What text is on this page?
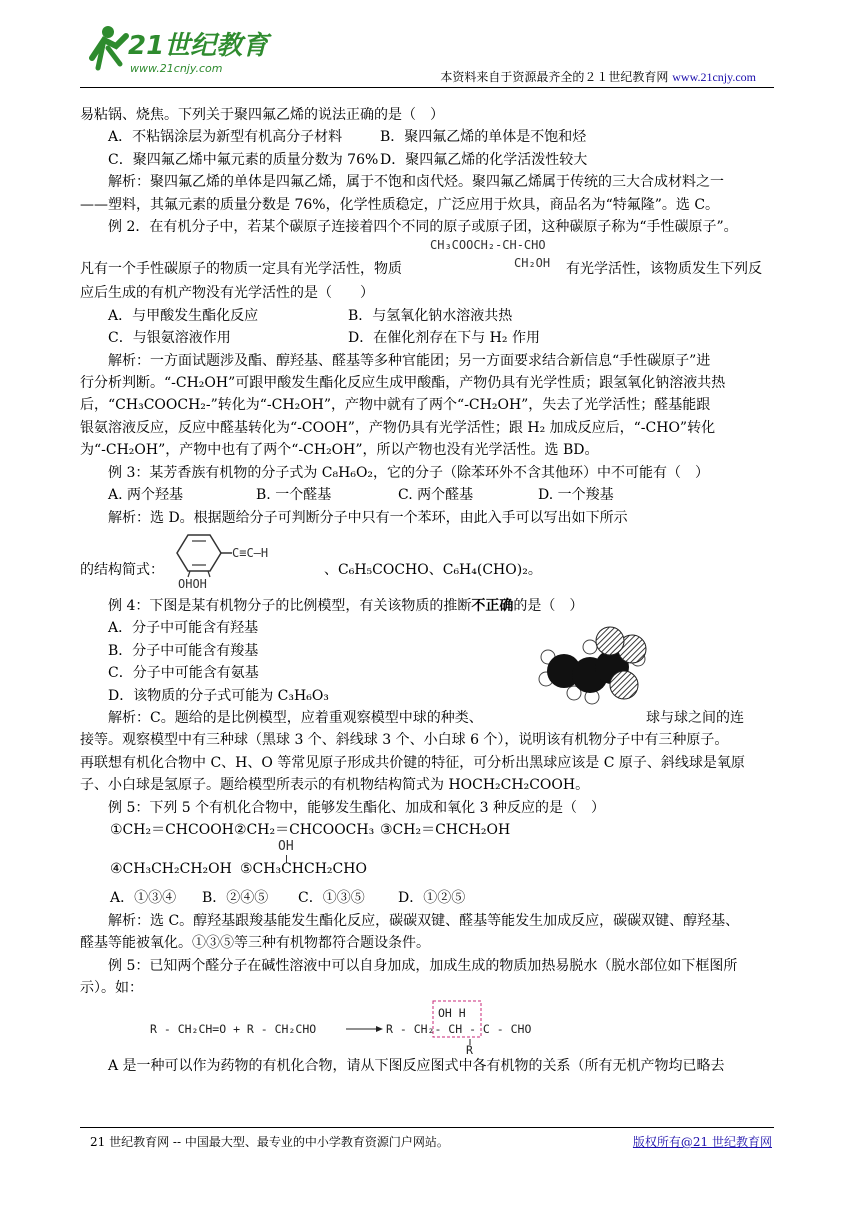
21世纪教育
www.21cnjy.com
本资料来自于资源最齐全的２１世纪教育网 www.21cnjy.com

易粘锅、烧焦。下列关于聚四氟乙烯的说法正确的是（　）

A．不粘锅涂层为新型有机高分子材料	B．聚四氟乙烯的单体是不饱和烃
C．聚四氟乙烯中氟元素的质量分数为 76% D．聚四氟乙烯的化学活泼性较大

解析：聚四氟乙烯的单体是四氟乙烯，属于不饱和卤代烃。聚四氟乙烯属于传统的三大合成材料之一

——塑料，其氟元素的质量分数是 76%，化学性质稳定，广泛应用于炊具，商品名为“特氟隆”。选 C。

例 2．在有机分子中，若某个碳原子连接着四个不同的原子或原子团，这种碳原子称为“手性碳原子”。

CH₃COOCH₂-CH-CHO
CH₂OH

凡有一个手性碳原子的物质一定具有光学活性，物质	有光学活性，该物质发生下列反

应后生成的有机产物没有光学活性的是（　　）

A．与甲酸发生酯化反应	B．与氢氧化钠水溶液共热
C．与银氨溶液作用	D．在催化剂存在下与 H₂ 作用

解析：一方面试题涉及酯、醇羟基、醛基等多种官能团；另一方面要求结合新信息“手性碳原子”进

行分析判断。“-CH₂OH”可跟甲酸发生酯化反应生成甲酸酯，产物仍具有光学性质；跟氢氧化钠溶液共热

后，“CH₃COOCH₂-”转化为“-CH₂OH”，产物中就有了两个“-CH₂OH”，失去了光学活性；醛基能跟

银氨溶液反应，反应中醛基转化为“-COOH”，产物仍具有光学活性；跟 H₂ 加成反应后，“-CHO”转化

为“-CH₂OH”，产物中也有了两个“-CH₂OH”，所以产物也没有光学活性。选 BD。

例 3：某芳香族有机物的分子式为 C₈H₆O₂，它的分子（除苯环外不含其他环）中不可能有（　）

A. 两个羟基	B. 一个醛基	C. 两个醛基	D. 一个羧基

解析：选 D。根据题给分子可判断分子中只有一个苯环，由此入手可以写出如下所示

C≡C—H
OHOH

的结构简式：	、C₆H₅COCHO、C₆H₄(CHO)₂。

例 4：下图是某有机物分子的比例模型，有关该物质的推断不正确的是（　）

A．分子中可能含有羟基

B．分子中可能含有羧基

C．分子中可能含有氨基

D．该物质的分子式可能为 C₃H₆O₃

解析：C。题给的是比例模型，应着重观察模型中球的种类、	球与球之间的连

接等。观察模型中有三种球（黑球 3 个、斜线球 3 个、小白球 6 个），说明该有机物分子中有三种原子。

再联想有机化合物中 C、H、O 等常见原子形成共价键的特征，可分析出黑球应该是 C 原子、斜线球是氧原

子、小白球是氢原子。题给模型所表示的有机物结构简式为 HOCH₂CH₂COOH。

例 5：下列 5 个有机化合物中，能够发生酯化、加成和氧化 3 种反应的是（　）

①CH₂＝CHCOOH ②CH₂＝CHCOOCH₃ ③CH₂＝CHCH₂OH
OH
④CH₃CH₂CH₂OH ⑤CH₃CHCH₂CHO
A．①③④	B．②④⑤	C．①③⑤	D．①②⑤

解析：选 C。醇羟基跟羧基能发生酯化反应，碳碳双键、醛基等能发生加成反应，碳碳双键、醇羟基、

醛基等能被氧化。①③⑤等三种有机物都符合题设条件。

例 5：已知两个醛分子在碱性溶液中可以自身加成，加成生成的物质加热易脱水（脱水部位如下框图所

示）。如：

R - CH₂CH=O + R - CH₂CHO	R - CH₂- CH - C - CHO
OH H
R

A 是一种可以作为药物的有机化合物，请从下图反应图式中各有机物的关系（所有无机产物均已略去

21 世纪教育网 -- 中国最大型、最专业的中小学教育资源门户网站。	版权所有@21 世纪教育网
